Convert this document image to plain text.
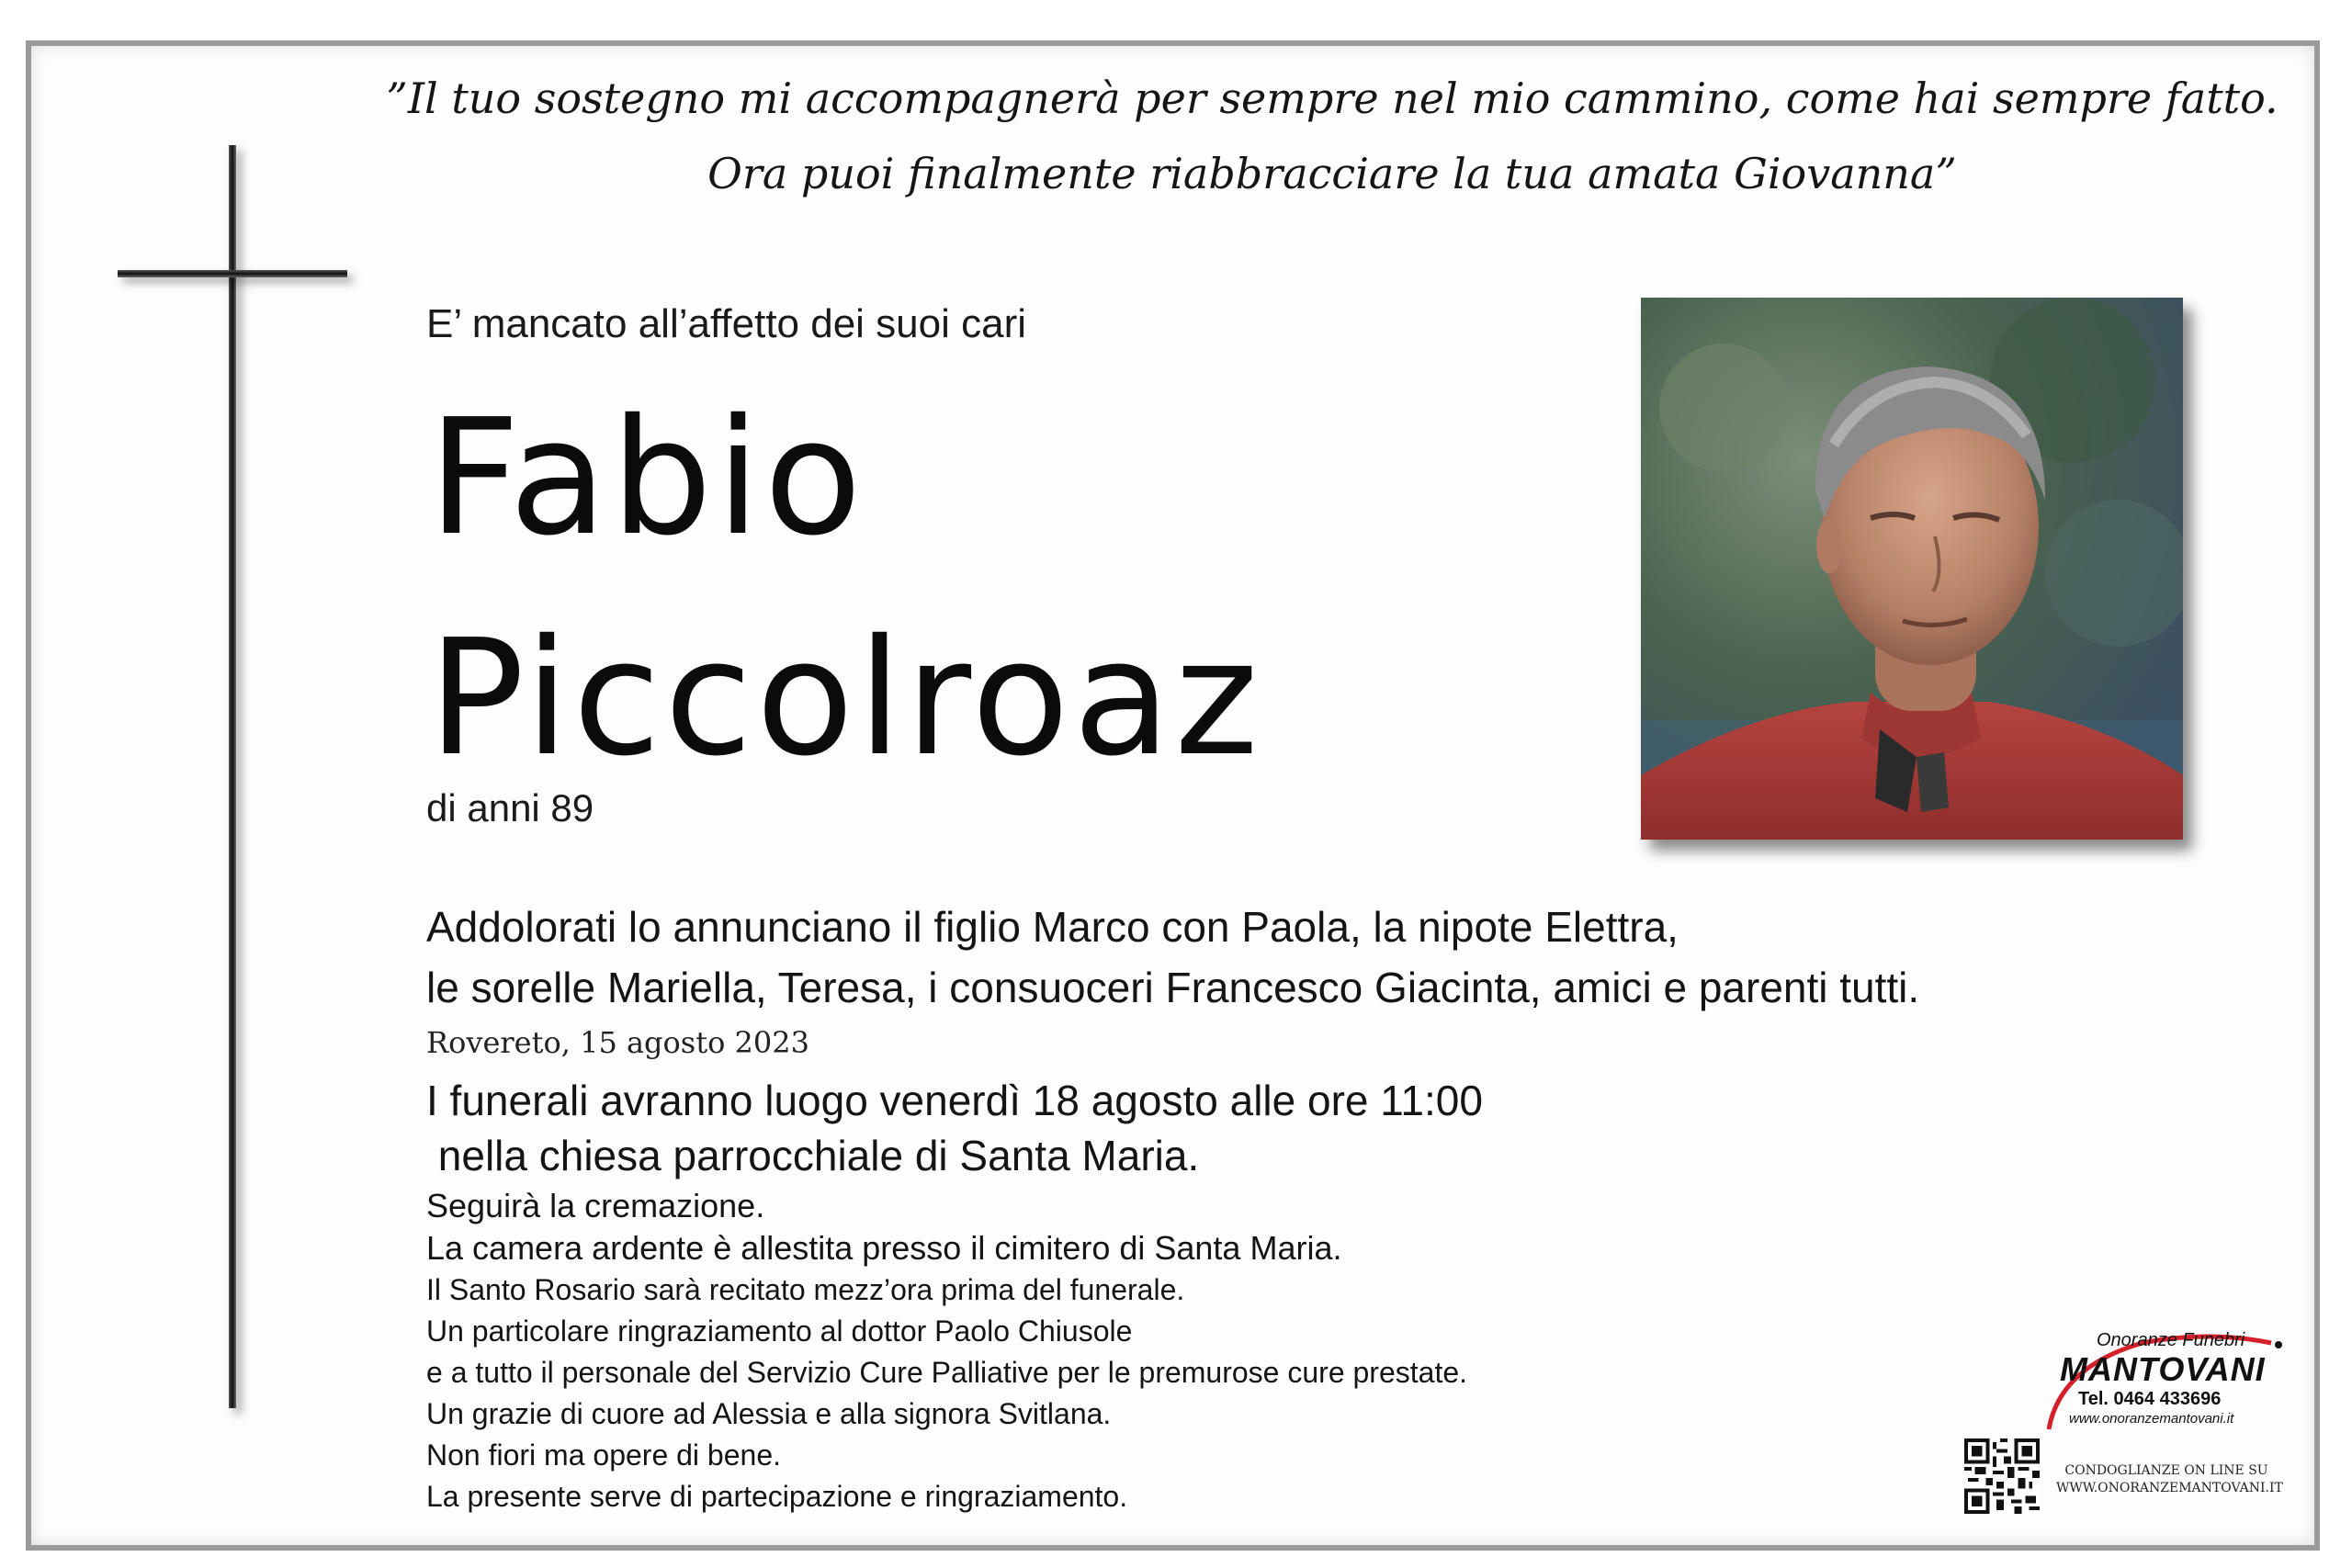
”Il tuo sostegno mi accompagnerà per sempre nel mio cammino, come hai sempre fatto.
Ora puoi finalmente riabbracciare la tua amata Giovanna”
E’ mancato all’affetto dei suoi cari
Fabio
Piccolroaz
di anni 89
Addolorati lo annunciano il figlio Marco con Paola, la nipote Elettra,
le sorelle Mariella, Teresa, i consuoceri Francesco Giacinta, amici e parenti tutti.
Rovereto, 15 agosto 2023
I funerali avranno luogo venerdì 18 agosto alle ore 11:00
nella chiesa parrocchiale di Santa Maria.
Seguirà la cremazione.
La camera ardente è allestita presso il cimitero di Santa Maria.
Il Santo Rosario sarà recitato mezz’ora prima del funerale.
Un particolare ringraziamento al dottor Paolo Chiusole
e a tutto il personale del Servizio Cure Palliative per le premurose cure prestate.
Un grazie di cuore ad Alessia e alla signora Svitlana.
Non fiori ma opere di bene.
La presente serve di partecipazione e ringraziamento.
Onoranze Funebri
MANTOVANI
Tel. 0464 433696
www.onoranzemantovani.it
CONDOGLIANZE ON LINE SU
WWW.ONORANZEMANTOVANI.IT
